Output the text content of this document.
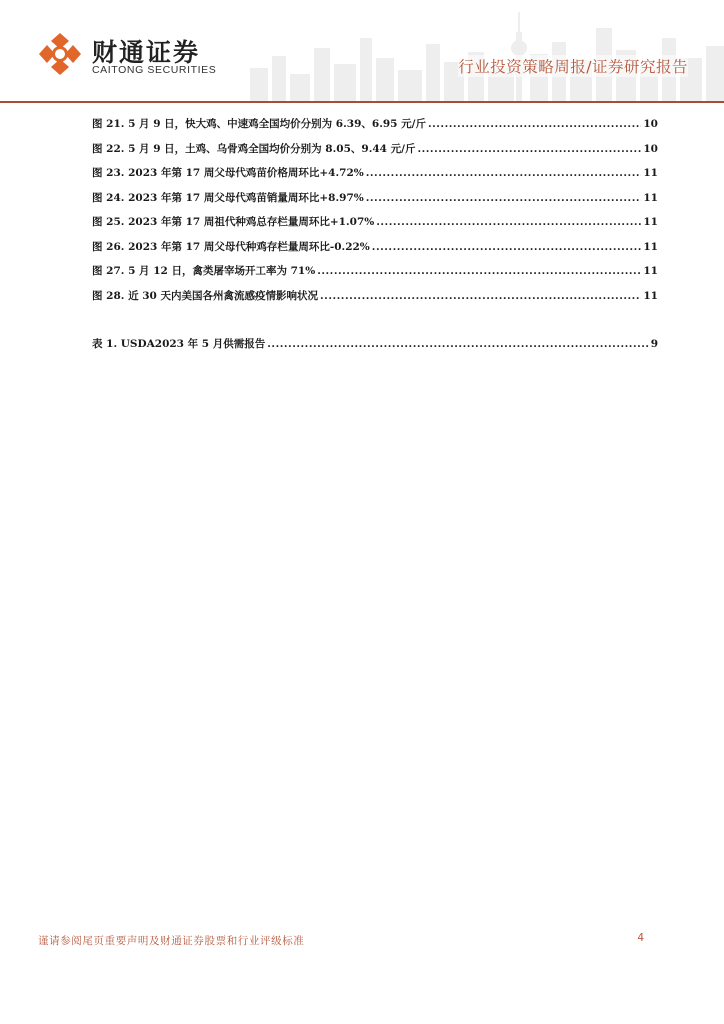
财通证券
CAITONG SECURITIES	行业投资策略周报/证券研究报告
图 21. 5 月 9 日，快大鸡、中速鸡全国均价分别为 6.39、6.95 元/斤 .....	10
图 22. 5 月 9 日，土鸡、乌骨鸡全国均价分别为 8.05、9.44 元/斤 .....	10
图 23. 2023 年第 17 周父母代鸡苗价格周环比+4.72% .....	11
图 24. 2023 年第 17 周父母代鸡苗销量周环比+8.97% .....	11
图 25. 2023 年第 17 周祖代种鸡总存栏量周环比+1.07% .....	11
图 26. 2023 年第 17 周父母代种鸡存栏量周环比-0.22% .....	11
图 27. 5 月 12 日，禽类屠宰场开工率为 71% .....	11
图 28. 近 30 天内美国各州禽流感疫情影响状况 .....	11
表 1. USDA2023 年 5 月供需报告 .....	9
谨请参阅尾页重要声明及财通证券股票和行业评级标准	4
